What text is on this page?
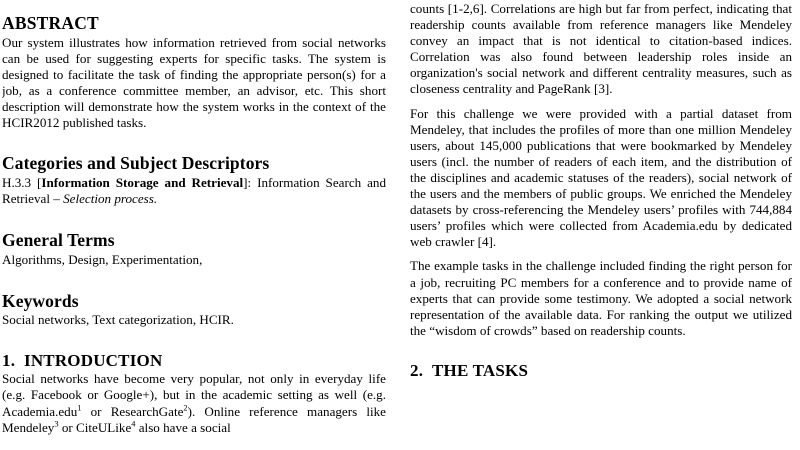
ABSTRACT

Our system illustrates how information retrieved from social networks can be used for suggesting experts for specific tasks. The system is designed to facilitate the task of finding the appropriate person(s) for a job, as a conference committee member, an advisor, etc. This short description will demonstrate how the system works in the context of the HCIR2012 published tasks.

Categories and Subject Descriptors

H.3.3 [Information Storage and Retrieval]: Information Search and Retrieval – Selection process.

General Terms

Algorithms, Design, Experimentation,

Keywords

Social networks, Text categorization, HCIR.

1. INTRODUCTION

Social networks have become very popular, not only in everyday life (e.g. Facebook or Google+), but in the academic setting as well (e.g. Academia.edu$^1$ or ResearchGate$^2$). Online reference managers like Mendeley$^3$ or CiteULike$^4$ also have a social

counts [1-2,6]. Correlations are high but far from perfect, indicating that readership counts available from reference managers like Mendeley convey an impact that is not identical to citation-based indices. Correlation was also found between leadership roles inside an organization's social network and different centrality measures, such as closeness centrality and PageRank [3].

For this challenge we were provided with a partial dataset from Mendeley, that includes the profiles of more than one million Mendeley users, about 145,000 publications that were bookmarked by Mendeley users (incl. the number of readers of each item, and the distribution of the disciplines and academic statuses of the readers), social network of the users and the members of public groups. We enriched the Mendeley datasets by cross-referencing the Mendeley users’ profiles with 744,884 users’ profiles which were collected from Academia.edu by dedicated web crawler [4].

The example tasks in the challenge included finding the right person for a job, recruiting PC members for a conference and to provide name of experts that can provide some testimony. We adopted a social network representation of the available data. For ranking the output we utilized the “wisdom of crowds” based on readership counts.

2. THE TASKS
